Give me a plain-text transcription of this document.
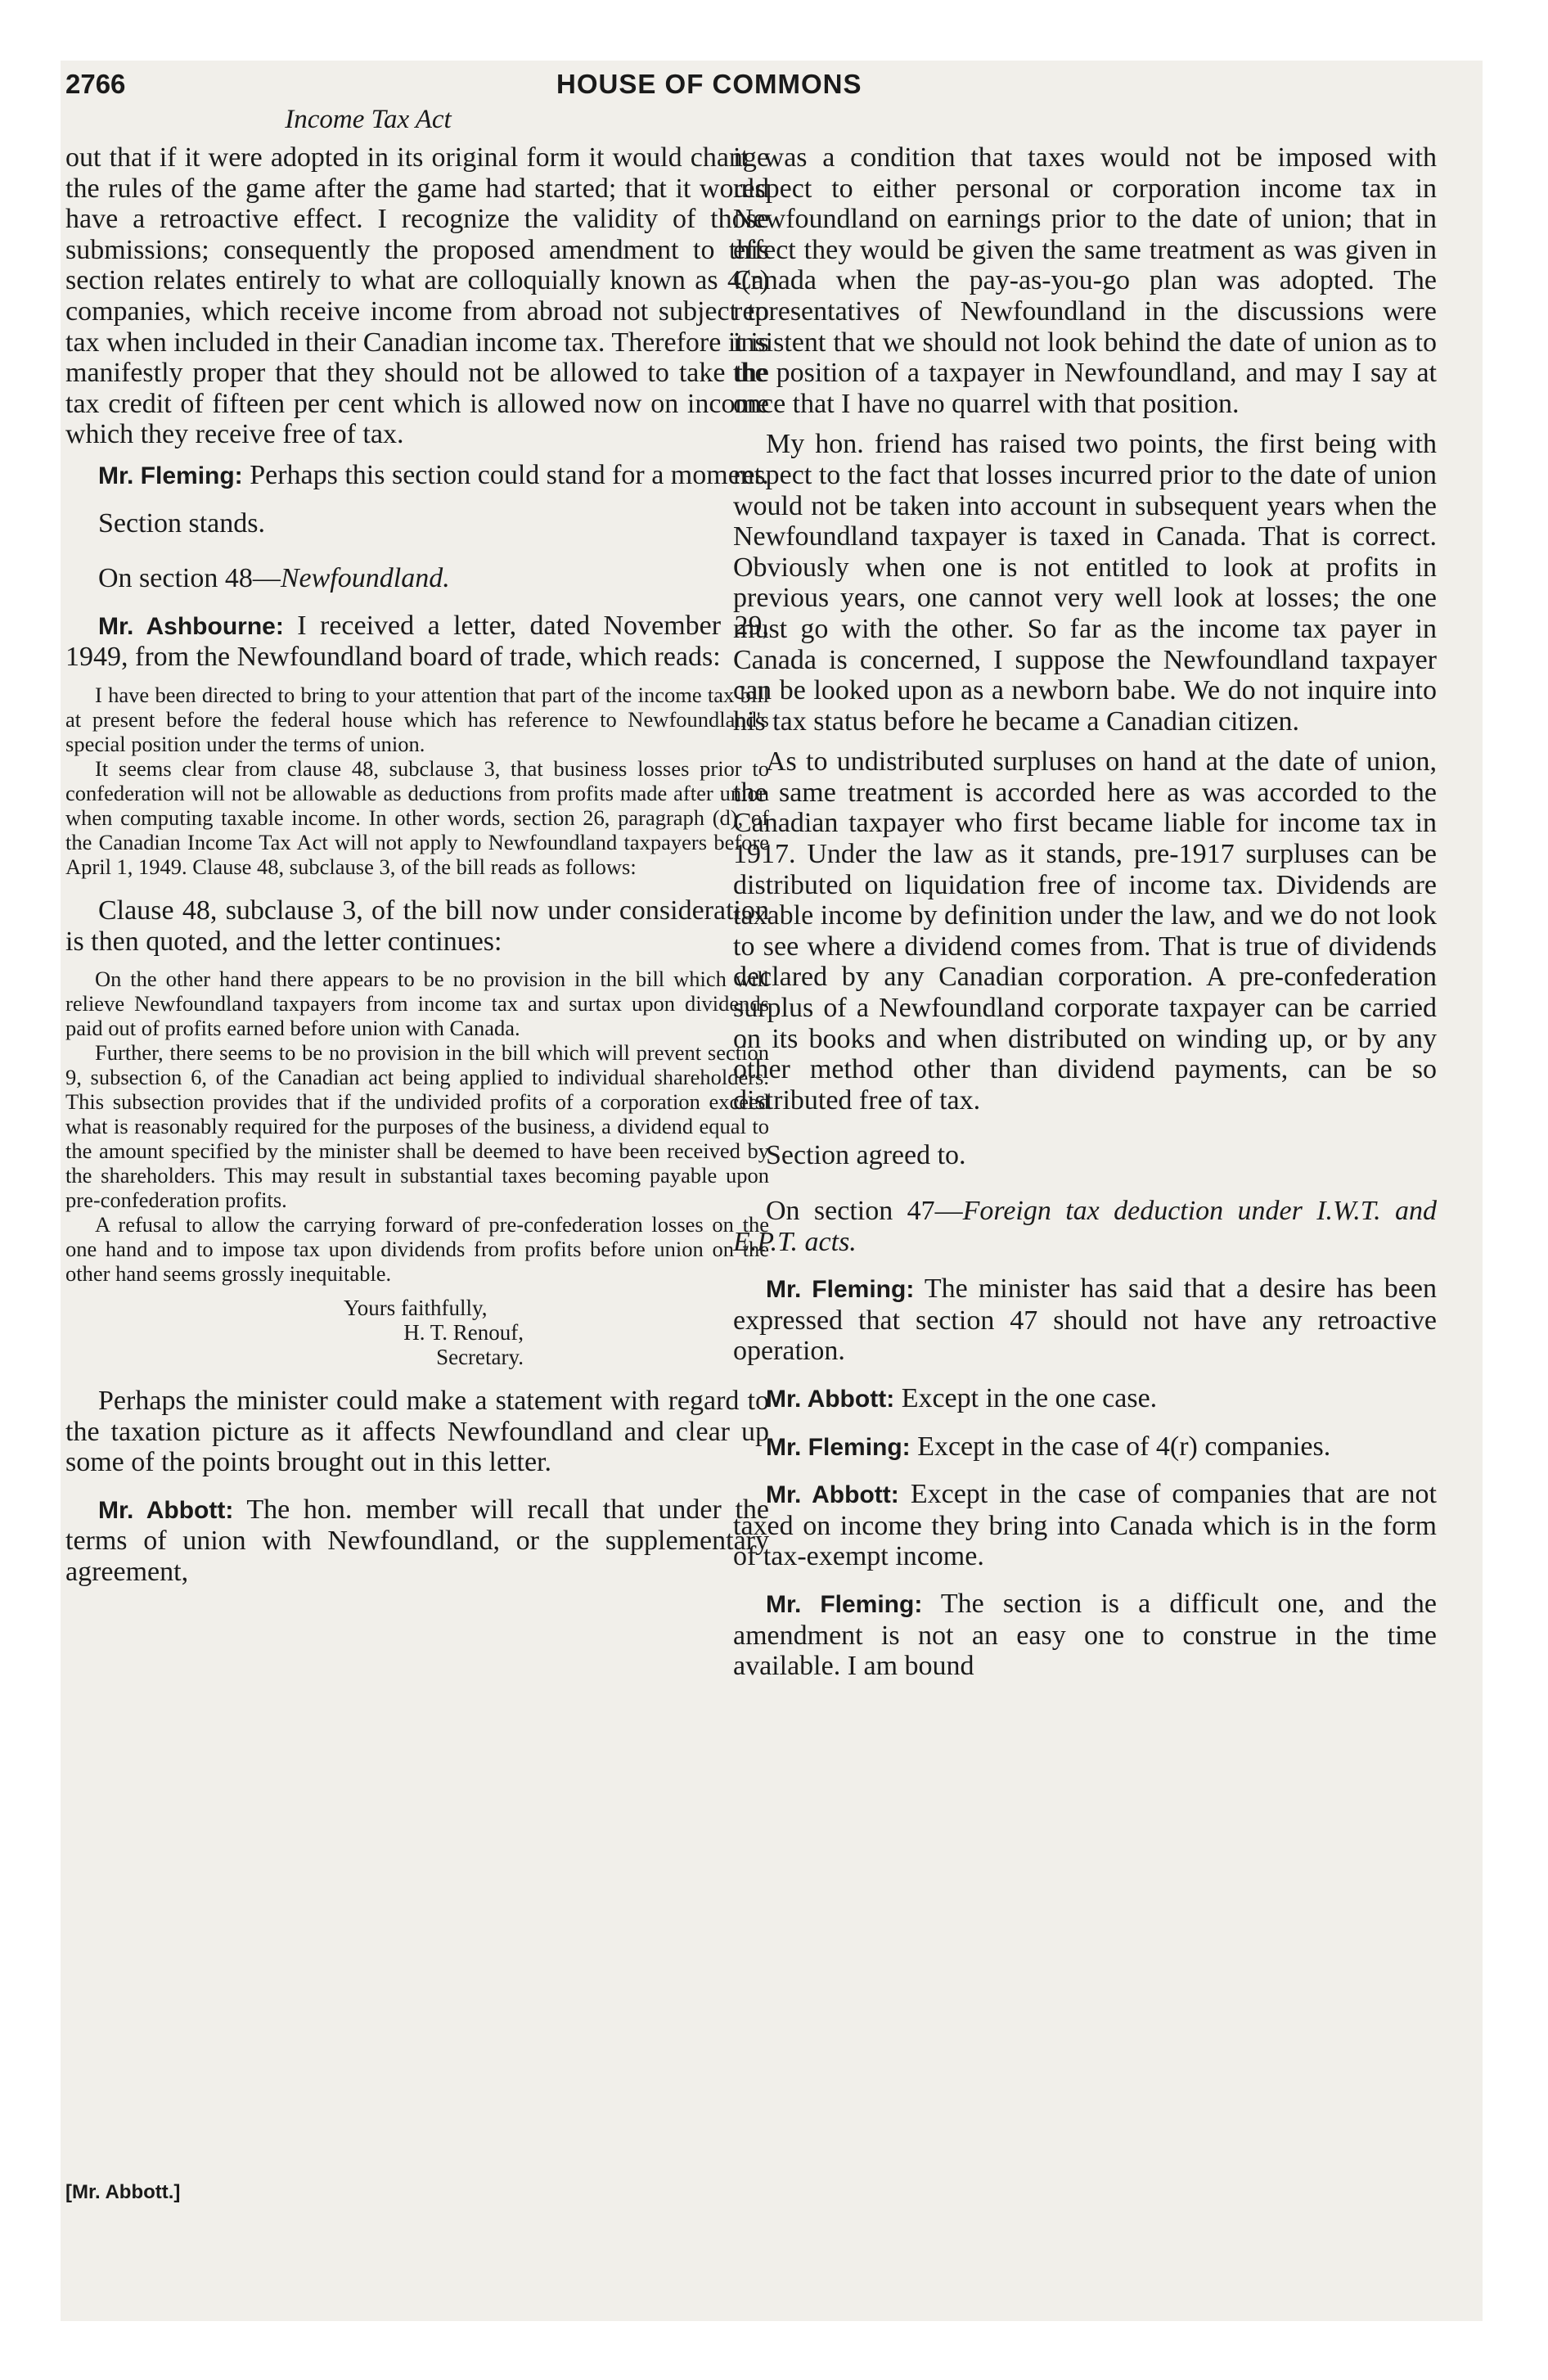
2766	HOUSE OF COMMONS
Income Tax Act

out that if it were adopted in its original form it would change the rules of the game after the game had started; that it would have a retroactive effect. I recognize the validity of those submissions; consequently the proposed amendment to this section relates entirely to what are colloquially known as 4(r) companies, which receive income from abroad not subject to tax when included in their Canadian income tax. Therefore it is manifestly proper that they should not be allowed to take the tax credit of fifteen per cent which is allowed now on income which they receive free of tax.

Mr. Fleming: Perhaps this section could stand for a moment.

Section stands.

On section 48—Newfoundland.

Mr. Ashbourne: I received a letter, dated November 29, 1949, from the Newfoundland board of trade, which reads:

I have been directed to bring to your attention that part of the income tax bill at present before the federal house which has reference to Newfoundland's special position under the terms of union.

It seems clear from clause 48, subclause 3, that business losses prior to confederation will not be allowable as deductions from profits made after union when computing taxable income. In other words, section 26, paragraph (d), of the Canadian Income Tax Act will not apply to Newfoundland taxpayers before April 1, 1949. Clause 48, subclause 3, of the bill reads as follows:

Clause 48, subclause 3, of the bill now under consideration is then quoted, and the letter continues:

On the other hand there appears to be no provision in the bill which will relieve Newfoundland taxpayers from income tax and surtax upon dividends paid out of profits earned before union with Canada.

Further, there seems to be no provision in the bill which will prevent section 9, subsection 6, of the Canadian act being applied to individual shareholders. This subsection provides that if the undivided profits of a corporation exceed what is reasonably required for the purposes of the business, a dividend equal to the amount specified by the minister shall be deemed to have been received by the shareholders. This may result in substantial taxes becoming payable upon pre-confederation profits.

A refusal to allow the carrying forward of pre-confederation losses on the one hand and to impose tax upon dividends from profits before union on the other hand seems grossly inequitable.

Yours faithfully,

H. T. Renouf,

Secretary.

Perhaps the minister could make a statement with regard to the taxation picture as it affects Newfoundland and clear up some of the points brought out in this letter.

Mr. Abbott: The hon. member will recall that under the terms of union with Newfoundland, or the supplementary agreement,

it was a condition that taxes would not be imposed with respect to either personal or corporation income tax in Newfoundland on earnings prior to the date of union; that in effect they would be given the same treatment as was given in Canada when the pay-as-you-go plan was adopted. The representatives of Newfoundland in the discussions were insistent that we should not look behind the date of union as to the position of a taxpayer in Newfoundland, and may I say at once that I have no quarrel with that position.

My hon. friend has raised two points, the first being with respect to the fact that losses incurred prior to the date of union would not be taken into account in subsequent years when the Newfoundland taxpayer is taxed in Canada. That is correct. Obviously when one is not entitled to look at profits in previous years, one cannot very well look at losses; the one must go with the other. So far as the income tax payer in Canada is concerned, I suppose the Newfoundland taxpayer can be looked upon as a newborn babe. We do not inquire into his tax status before he became a Canadian citizen.

As to undistributed surpluses on hand at the date of union, the same treatment is accorded here as was accorded to the Canadian taxpayer who first became liable for income tax in 1917. Under the law as it stands, pre-1917 surpluses can be distributed on liquidation free of income tax. Dividends are taxable income by definition under the law, and we do not look to see where a dividend comes from. That is true of dividends declared by any Canadian corporation. A pre-confederation surplus of a Newfoundland corporate taxpayer can be carried on its books and when distributed on winding up, or by any other method other than dividend payments, can be so distributed free of tax.

Section agreed to.

On section 47—Foreign tax deduction under I.W.T. and E.P.T. acts.

Mr. Fleming: The minister has said that a desire has been expressed that section 47 should not have any retroactive operation.

Mr. Abbott: Except in the one case.

Mr. Fleming: Except in the case of 4(r) companies.

Mr. Abbott: Except in the case of companies that are not taxed on income they bring into Canada which is in the form of tax-exempt income.

Mr. Fleming: The section is a difficult one, and the amendment is not an easy one to construe in the time available. I am bound

[Mr. Abbott.]
